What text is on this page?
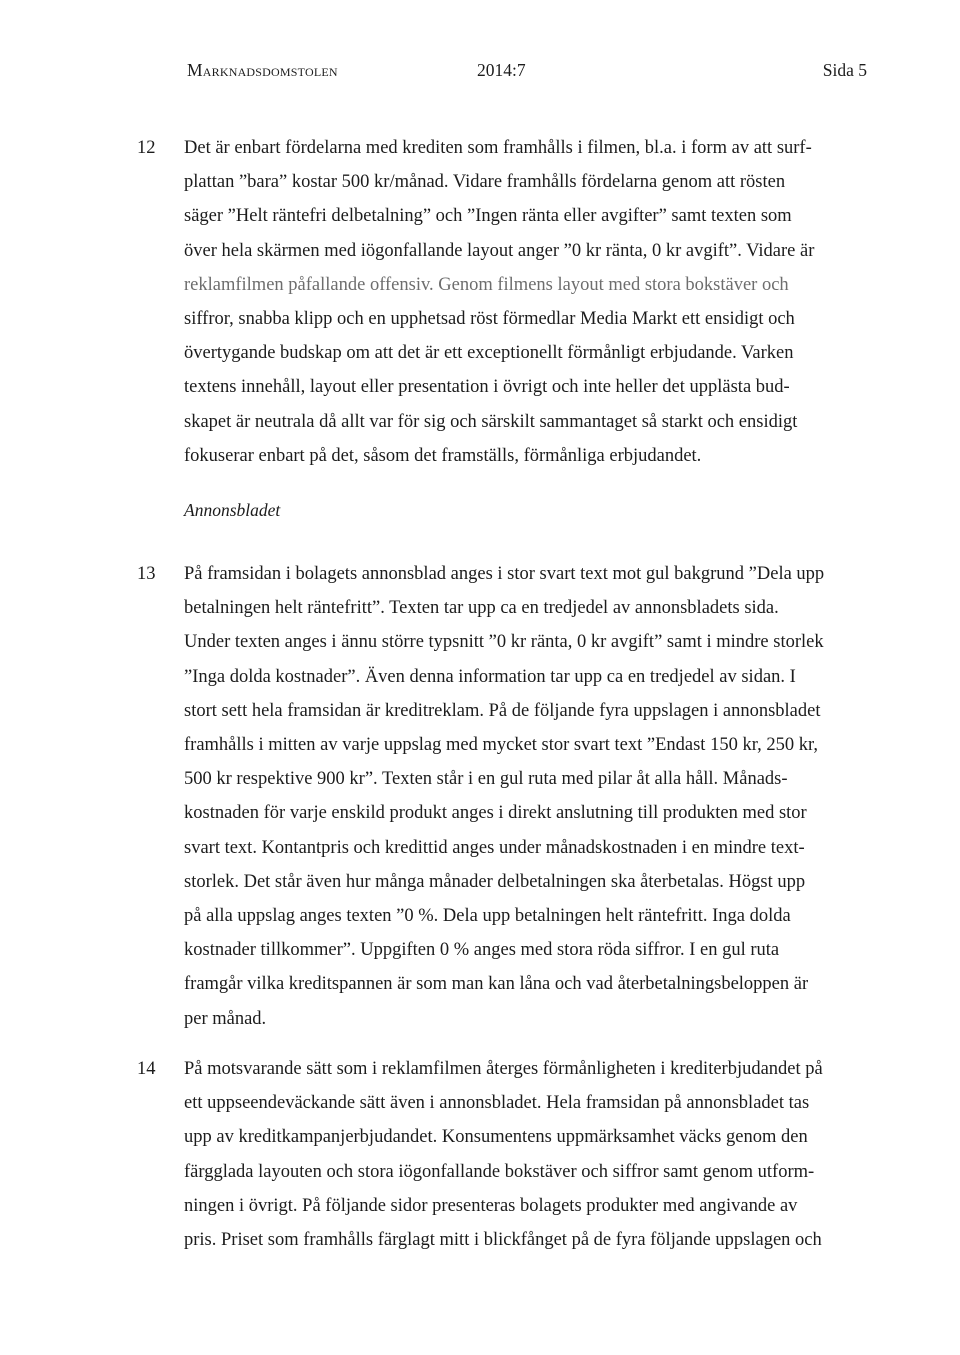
Marknadsdomstolen	2014:7	Sida 5
12 Det är enbart fördelarna med krediten som framhålls i filmen, bl.a. i form av att surf-
plattan ”bara” kostar 500 kr/månad. Vidare framhålls fördelarna genom att rösten
säger ”Helt räntefri delbetalning” och ”Ingen ränta eller avgifter” samt texten som
över hela skärmen med iögonfallande layout anger ”0 kr ränta, 0 kr avgift”. Vidare är
reklamfilmen påfallande offensiv. Genom filmens layout med stora bokstäver och
siffror, snabba klipp och en upphetsad röst förmedlar Media Markt ett ensidigt och
övertygande budskap om att det är ett exceptionellt förmånligt erbjudande. Varken
textens innehåll, layout eller presentation i övrigt och inte heller det upplästa bud-
skapet är neutrala då allt var för sig och särskilt sammantaget så starkt och ensidigt
fokuserar enbart på det, såsom det framställs, förmånliga erbjudandet.
Annonsbladet
13 På framsidan i bolagets annonsblad anges i stor svart text mot gul bakgrund ”Dela upp
betalningen helt räntefritt”. Texten tar upp ca en tredjedel av annonsbladets sida.
Under texten anges i ännu större typsnitt ”0 kr ränta, 0 kr avgift” samt i mindre storlek
”Inga dolda kostnader”. Även denna information tar upp ca en tredjedel av sidan. I
stort sett hela framsidan är kreditreklam. På de följande fyra uppslagen i annonsbladet
framhålls i mitten av varje uppslag med mycket stor svart text ”Endast 150 kr, 250 kr,
500 kr respektive 900 kr”. Texten står i en gul ruta med pilar åt alla håll. Månads-
kostnaden för varje enskild produkt anges i direkt anslutning till produkten med stor
svart text. Kontantpris och kredittid anges under månadskostnaden i en mindre text-
storlek. Det står även hur många månader delbetalningen ska återbetalas. Högst upp
på alla uppslag anges texten ”0 %. Dela upp betalningen helt räntefritt. Inga dolda
kostnader tillkommer”. Uppgiften 0 % anges med stora röda siffror. I en gul ruta
framgår vilka kreditspannen är som man kan låna och vad återbetalningsbeloppen är
per månad.
14 På motsvarande sätt som i reklamfilmen återges förmånligheten i krediterbjudandet på
ett uppseendeväckande sätt även i annonsbladet. Hela framsidan på annonsbladet tas
upp av kreditkampanjerbjudandet. Konsumentens uppmärksamhet väcks genom den
färgglada layouten och stora iögonfallande bokstäver och siffror samt genom utform-
ningen i övrigt. På följande sidor presenteras bolagets produkter med angivande av
pris. Priset som framhålls färglagt mitt i blickfånget på de fyra följande uppslagen och
